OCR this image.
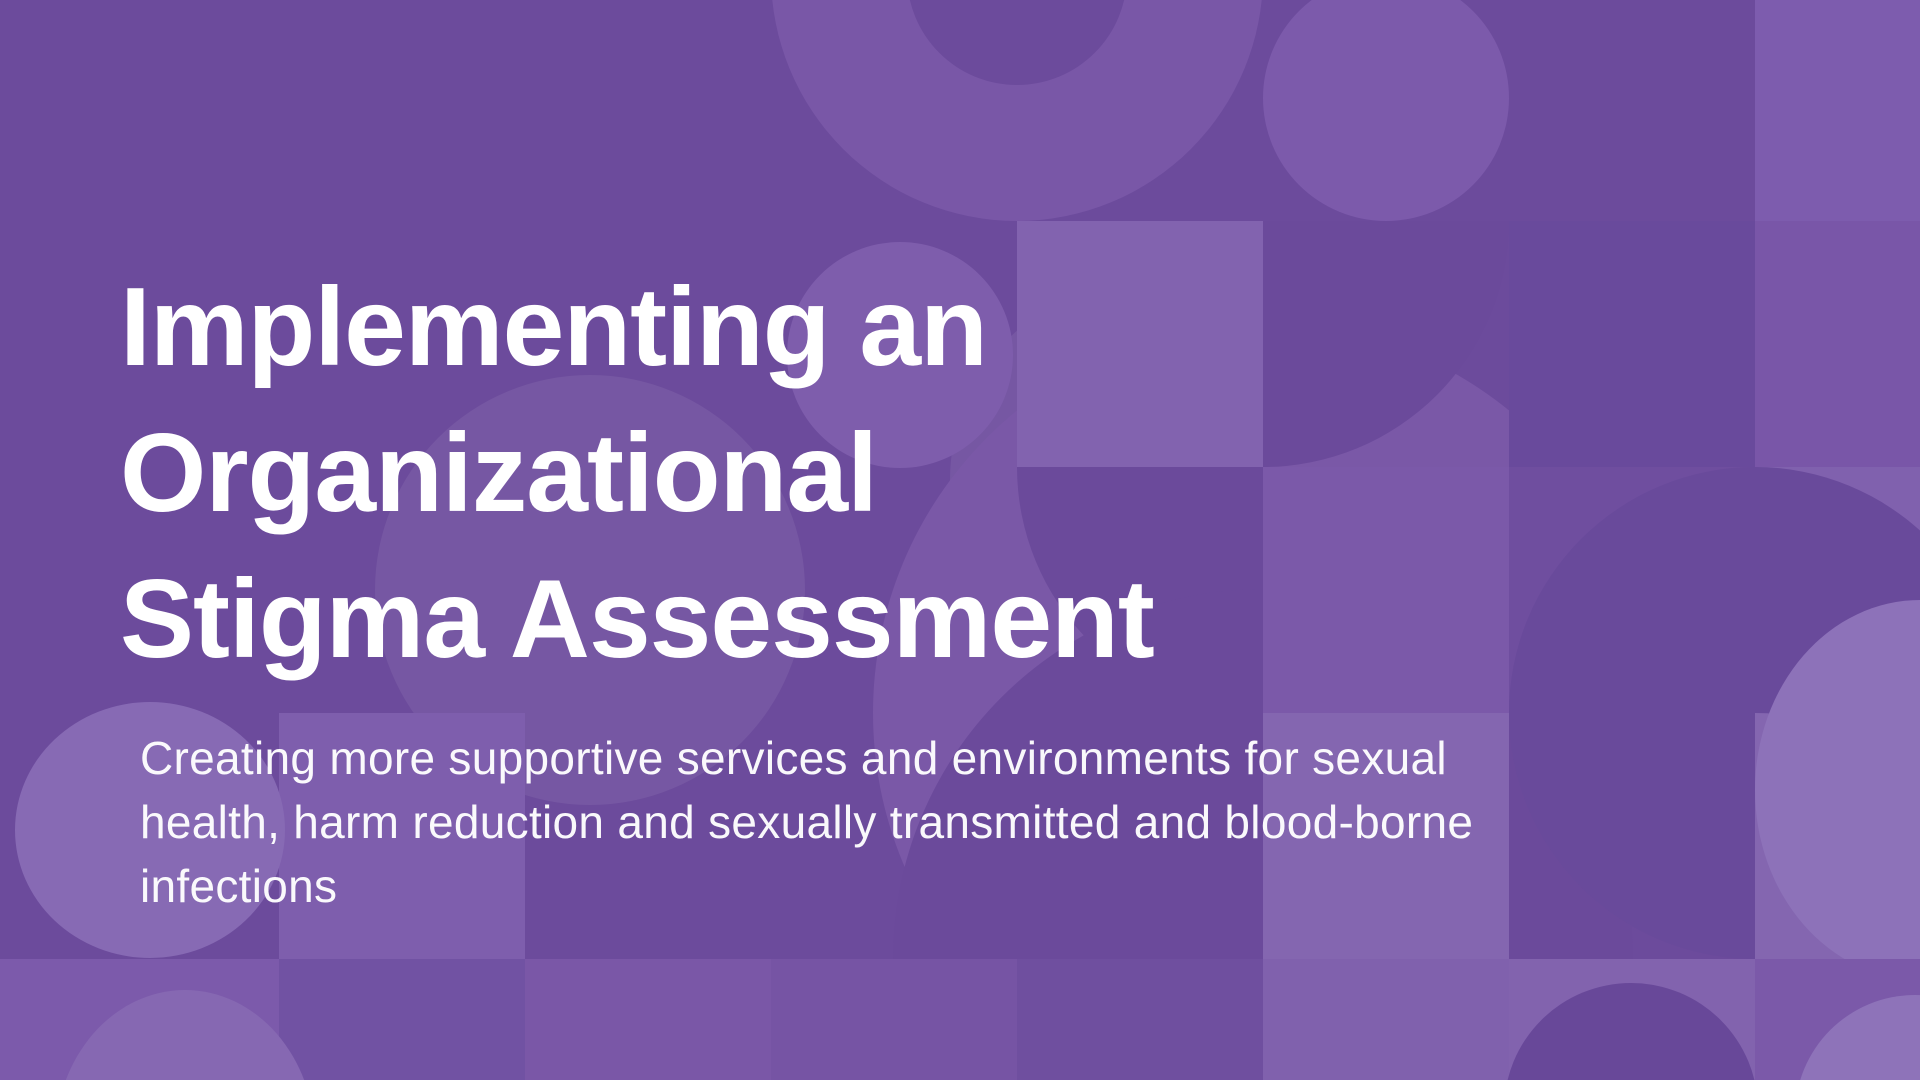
Implementing an
Organizational
Stigma Assessment
Creating more supportive services and environments for sexual
health, harm reduction and sexually transmitted and blood-borne
infections
